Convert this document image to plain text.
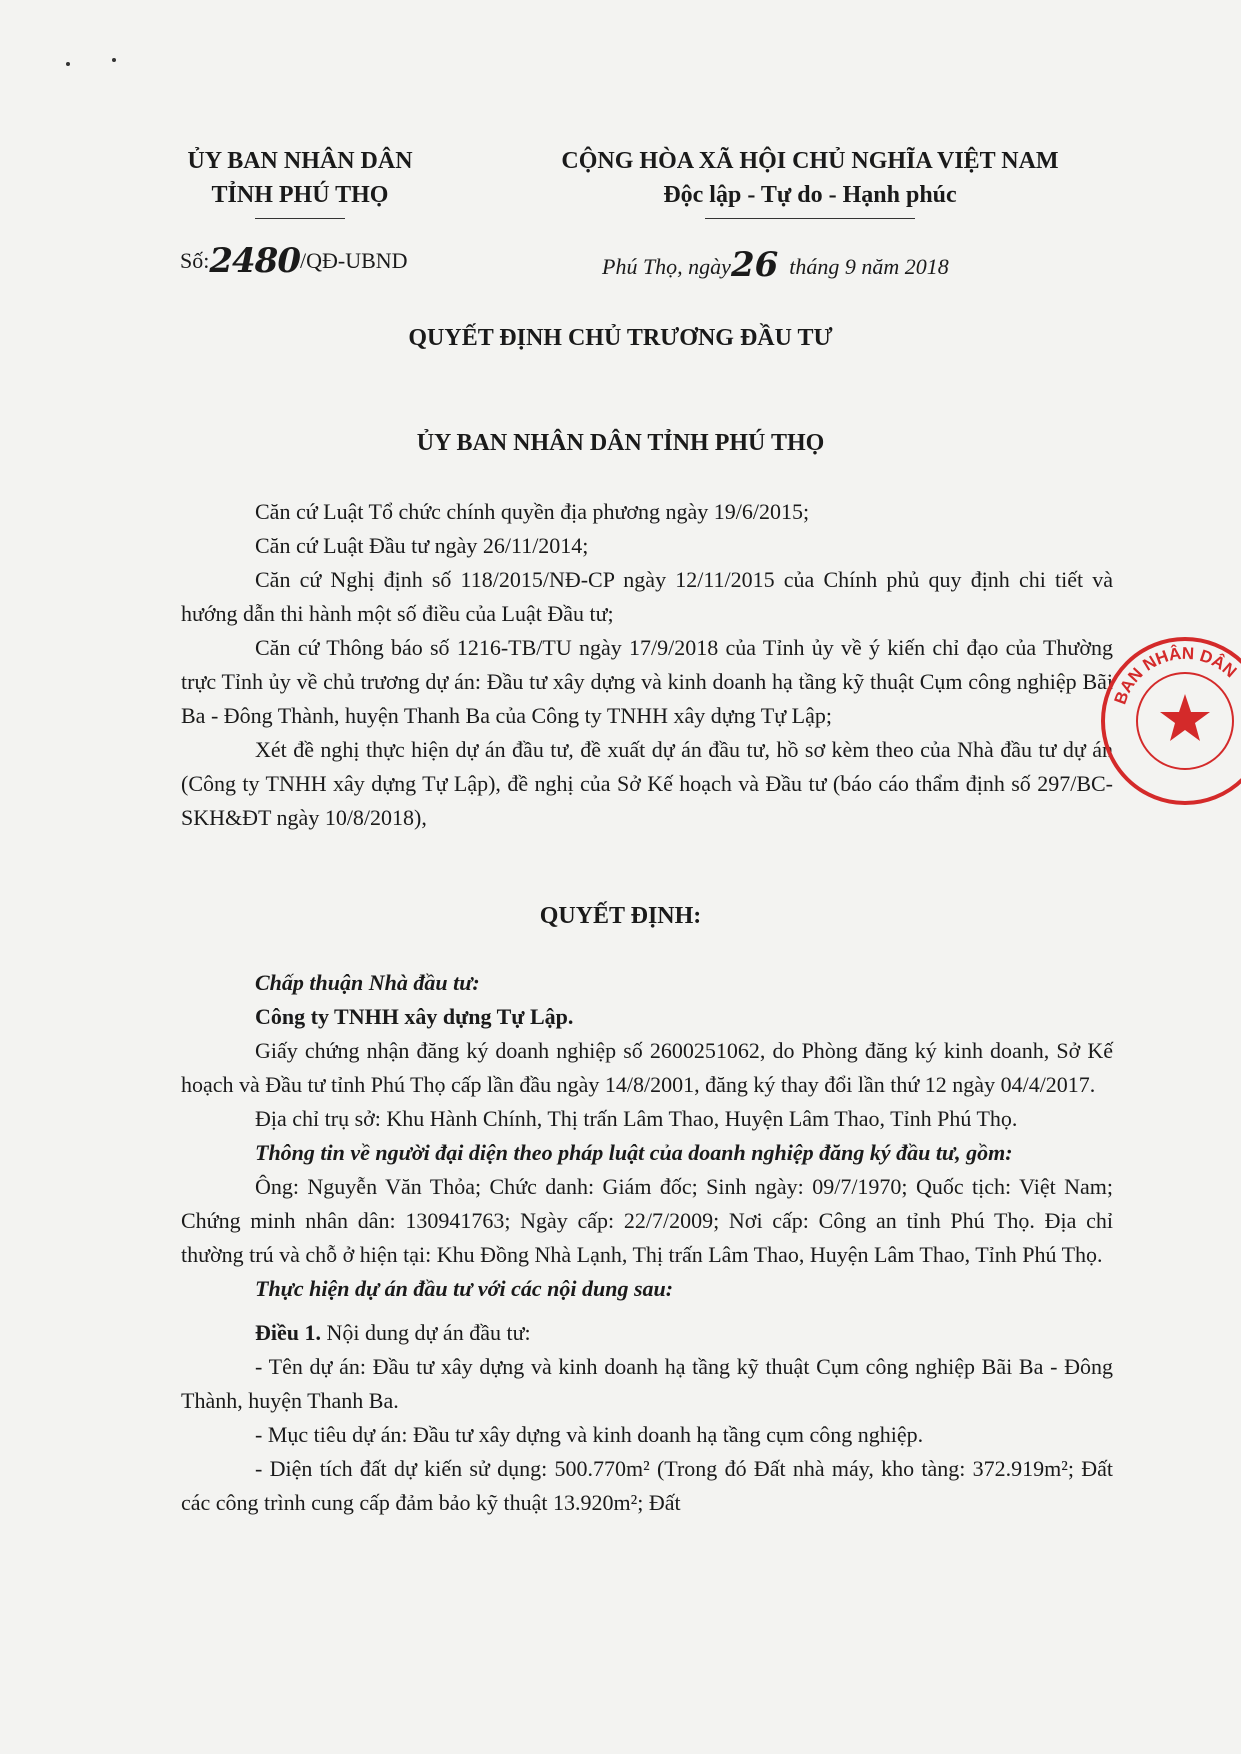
ỦY BAN NHÂN DÂN
TỈNH PHÚ THỌ
CỘNG HÒA XÃ HỘI CHỦ NGHĨA VIỆT NAM
Độc lập - Tự do - Hạnh phúc
Số:2480/QĐ-UBND	Phú Thọ, ngày26 tháng 9 năm 2018
QUYẾT ĐỊNH CHỦ TRƯƠNG ĐẦU TƯ
ỦY BAN NHÂN DÂN TỈNH PHÚ THỌ

Căn cứ Luật Tổ chức chính quyền địa phương ngày 19/6/2015;

Căn cứ Luật Đầu tư ngày 26/11/2014;

Căn cứ Nghị định số 118/2015/NĐ-CP ngày 12/11/2015 của Chính phủ quy định chi tiết và hướng dẫn thi hành một số điều của Luật Đầu tư;

Căn cứ Thông báo số 1216-TB/TU ngày 17/9/2018 của Tỉnh ủy về ý kiến chỉ đạo của Thường trực Tỉnh ủy về chủ trương dự án: Đầu tư xây dựng và kinh doanh hạ tầng kỹ thuật Cụm công nghiệp Bãi Ba - Đông Thành, huyện Thanh Ba của Công ty TNHH xây dựng Tự Lập;

Xét đề nghị thực hiện dự án đầu tư, đề xuất dự án đầu tư, hồ sơ kèm theo của Nhà đầu tư dự án (Công ty TNHH xây dựng Tự Lập), đề nghị của Sở Kế hoạch và Đầu tư (báo cáo thẩm định số 297/BC-SKH&ĐT ngày 10/8/2018),

QUYẾT ĐỊNH:

Chấp thuận Nhà đầu tư:

Công ty TNHH xây dựng Tự Lập.

Giấy chứng nhận đăng ký doanh nghiệp số 2600251062, do Phòng đăng ký kinh doanh, Sở Kế hoạch và Đầu tư tỉnh Phú Thọ cấp lần đầu ngày 14/8/2001, đăng ký thay đổi lần thứ 12 ngày 04/4/2017.

Địa chỉ trụ sở: Khu Hành Chính, Thị trấn Lâm Thao, Huyện Lâm Thao, Tỉnh Phú Thọ.

Thông tin về người đại diện theo pháp luật của doanh nghiệp đăng ký đầu tư, gồm:

Ông: Nguyễn Văn Thỏa; Chức danh: Giám đốc; Sinh ngày: 09/7/1970; Quốc tịch: Việt Nam; Chứng minh nhân dân: 130941763; Ngày cấp: 22/7/2009; Nơi cấp: Công an tỉnh Phú Thọ. Địa chỉ thường trú và chỗ ở hiện tại: Khu Đồng Nhà Lạnh, Thị trấn Lâm Thao, Huyện Lâm Thao, Tỉnh Phú Thọ.

Thực hiện dự án đầu tư với các nội dung sau:

Điều 1. Nội dung dự án đầu tư:

- Tên dự án: Đầu tư xây dựng và kinh doanh hạ tầng kỹ thuật Cụm công nghiệp Bãi Ba - Đông Thành, huyện Thanh Ba.

- Mục tiêu dự án: Đầu tư xây dựng và kinh doanh hạ tầng cụm công nghiệp.

- Diện tích đất dự kiến sử dụng: 500.770m² (Trong đó Đất nhà máy, kho tàng: 372.919m²; Đất các công trình cung cấp đảm bảo kỹ thuật 13.920m²; Đất

BAN NHÂN DÂN
